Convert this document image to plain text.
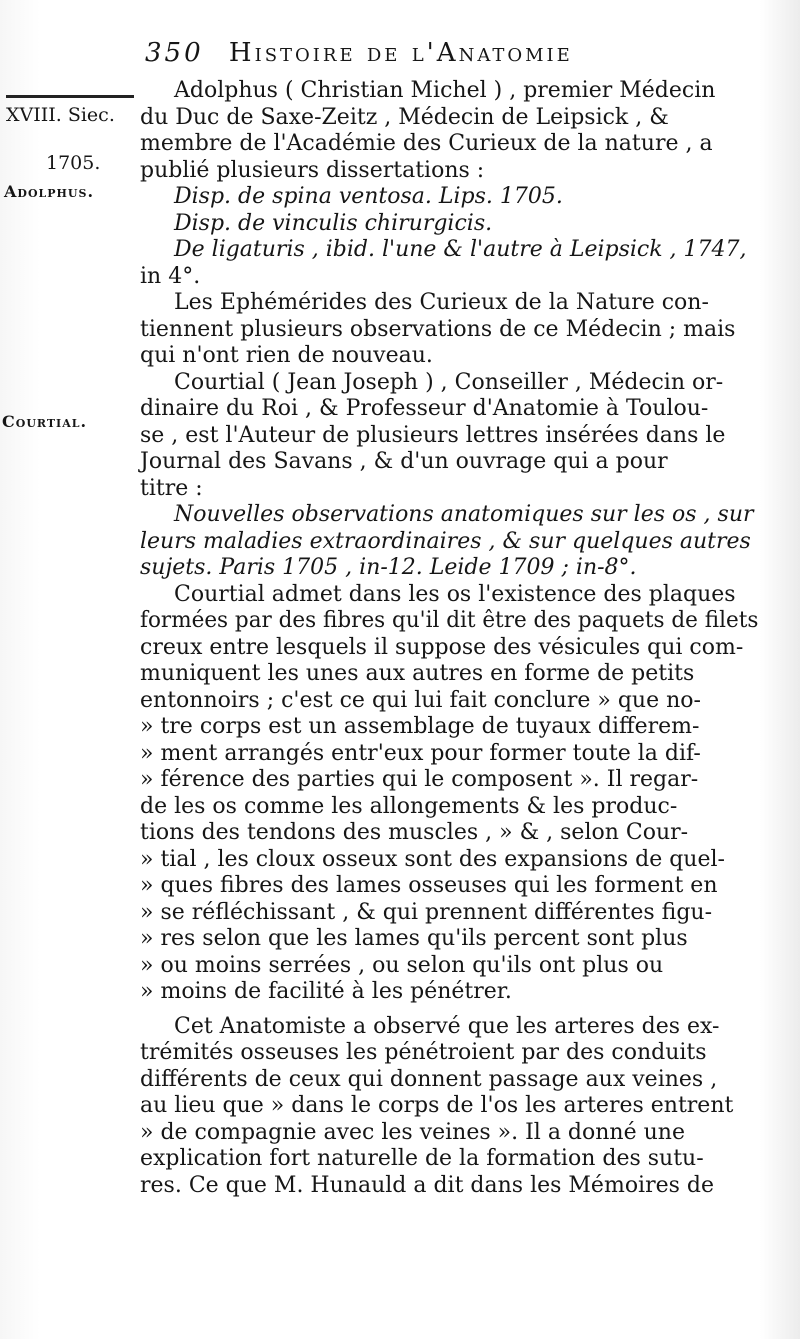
350 Histoire de l'Anatomie
XVIII. Siec.
1705.
Adolphus.
Courtial.
Adolphus ( Christian Michel ) , premier Médecin
du Duc de Saxe-Zeitz , Médecin de Leipsick , &
membre de l'Académie des Curieux de la nature , a
publié plusieurs dissertations :
Disp. de spina ventosa. Lips. 1705.
Disp. de vinculis chirurgicis.
De ligaturis , ibid. l'une & l'autre à Leipsick , 1747,
in 4°.
Les Ephémérides des Curieux de la Nature con-
tiennent plusieurs observations de ce Médecin ; mais
qui n'ont rien de nouveau.
Courtial ( Jean Joseph ) , Conseiller , Médecin or-
dinaire du Roi , & Professeur d'Anatomie à Toulou-
se , est l'Auteur de plusieurs lettres insérées dans le
Journal des Savans , & d'un ouvrage qui a pour
titre :
Nouvelles observations anatomiques sur les os , sur
leurs maladies extraordinaires , & sur quelques autres
sujets. Paris 1705 , in-12. Leide 1709 ; in-8°.
Courtial admet dans les os l'existence des plaques
formées par des fibres qu'il dit être des paquets de filets
creux entre lesquels il suppose des vésicules qui com-
muniquent les unes aux autres en forme de petits
entonnoirs ; c'est ce qui lui fait conclure » que no-
» tre corps est un assemblage de tuyaux differem-
» ment arrangés entr'eux pour former toute la dif-
» férence des parties qui le composent ». Il regar-
de les os comme les allongements & les produc-
tions des tendons des muscles , » & , selon Cour-
» tial , les cloux osseux sont des expansions de quel-
» ques fibres des lames osseuses qui les forment en
» se réfléchissant , & qui prennent différentes figu-
» res selon que les lames qu'ils percent sont plus
» ou moins serrées , ou selon qu'ils ont plus ou
» moins de facilité à les pénétrer.
Cet Anatomiste a observé que les arteres des ex-
trémités osseuses les pénétroient par des conduits
différents de ceux qui donnent passage aux veines ,
au lieu que » dans le corps de l'os les arteres entrent
» de compagnie avec les veines ». Il a donné une
explication fort naturelle de la formation des sutu-
res. Ce que M. Hunauld a dit dans les Mémoires de
